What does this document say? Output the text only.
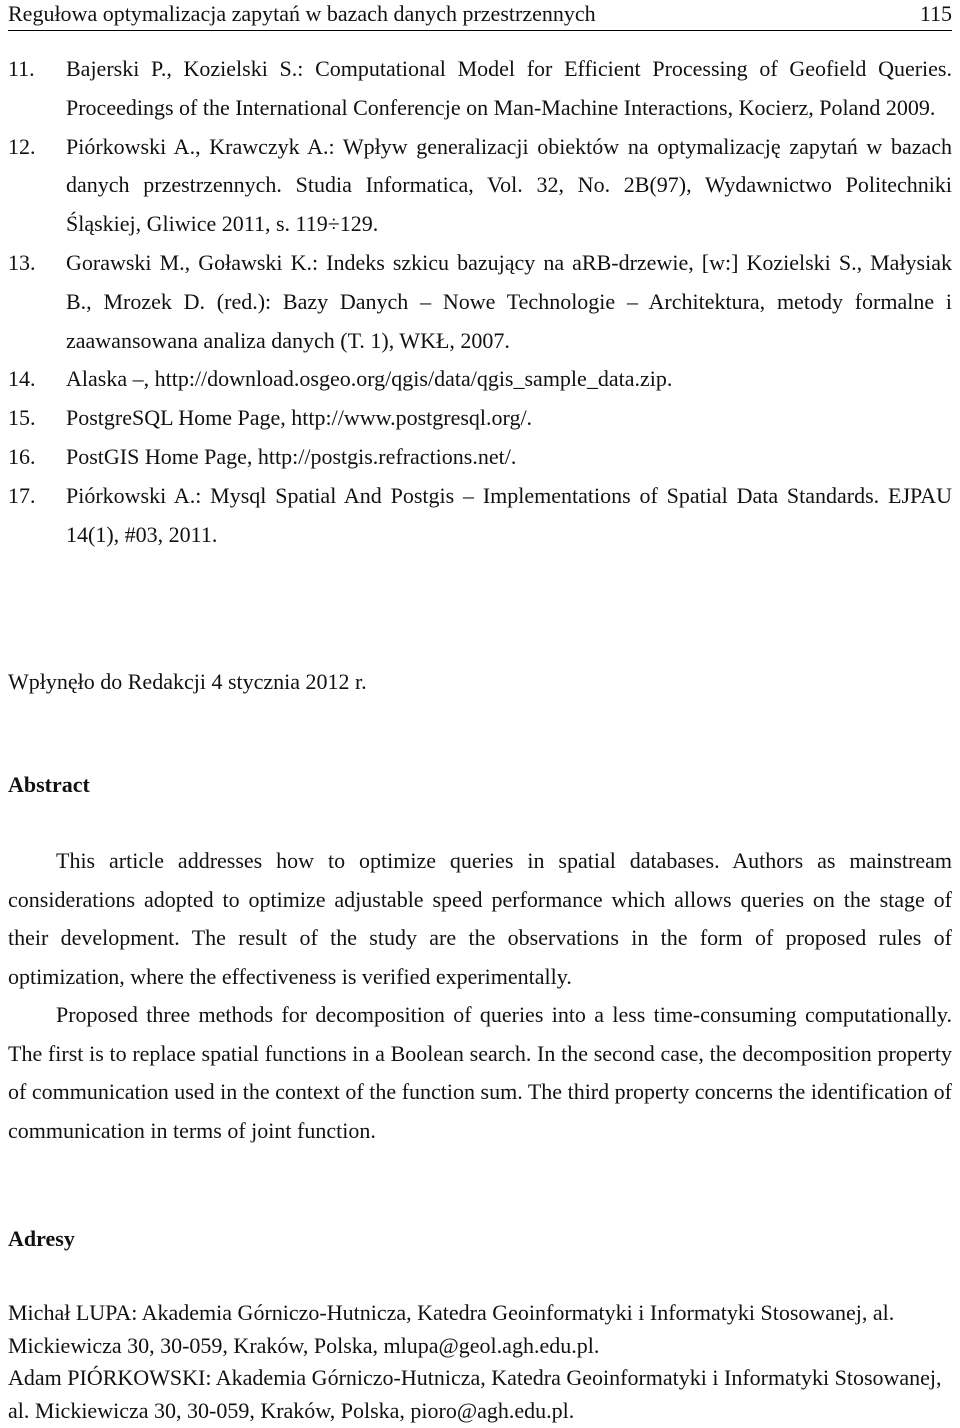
Regułowa optymalizacja zapytań w bazach danych przestrzennych	115
11. Bajerski P., Kozielski S.: Computational Model for Efficient Processing of Geofield Queries. Proceedings of the International Conferencje on Man-Machine Interactions, Kocierz, Poland 2009.
12. Piórkowski A., Krawczyk A.: Wpływ generalizacji obiektów na optymalizację zapytań w bazach danych przestrzennych. Studia Informatica, Vol. 32, No. 2B(97), Wydawnictwo Politechniki Śląskiej, Gliwice 2011, s. 119÷129.
13. Gorawski M., Goławski K.: Indeks szkicu bazujący na aRB-drzewie, [w:] Kozielski S., Małysiak B., Mrozek D. (red.): Bazy Danych – Nowe Technologie – Architektura, metody formalne i zaawansowana analiza danych (T. 1), WKŁ, 2007.
14. Alaska –, http://download.osgeo.org/qgis/data/qgis_sample_data.zip.
15. PostgreSQL Home Page, http://www.postgresql.org/.
16. PostGIS Home Page, http://postgis.refractions.net/.
17. Piórkowski A.: Mysql Spatial And Postgis – Implementations of Spatial Data Standards. EJPAU 14(1), #03, 2011.
Wpłynęło do Redakcji 4 stycznia 2012 r.
Abstract

This article addresses how to optimize queries in spatial databases. Authors as mainstream considerations adopted to optimize adjustable speed performance which allows queries on the stage of their development. The result of the study are the observations in the form of proposed rules of optimization, where the effectiveness is verified experimentally.

Proposed three methods for decomposition of queries into a less time-consuming computationally. The first is to replace spatial functions in a Boolean search. In the second case, the decomposition property of communication used in the context of the function sum. The third property concerns the identification of communication in terms of joint function.

Adresy

Michał LUPA: Akademia Górniczo-Hutnicza, Katedra Geoinformatyki i Informatyki Stosowanej, al. Mickiewicza 30, 30-059, Kraków, Polska, mlupa@geol.agh.edu.pl.

Adam PIÓRKOWSKI: Akademia Górniczo-Hutnicza, Katedra Geoinformatyki i Informatyki Stosowanej, al. Mickiewicza 30, 30-059, Kraków, Polska, pioro@agh.edu.pl.
